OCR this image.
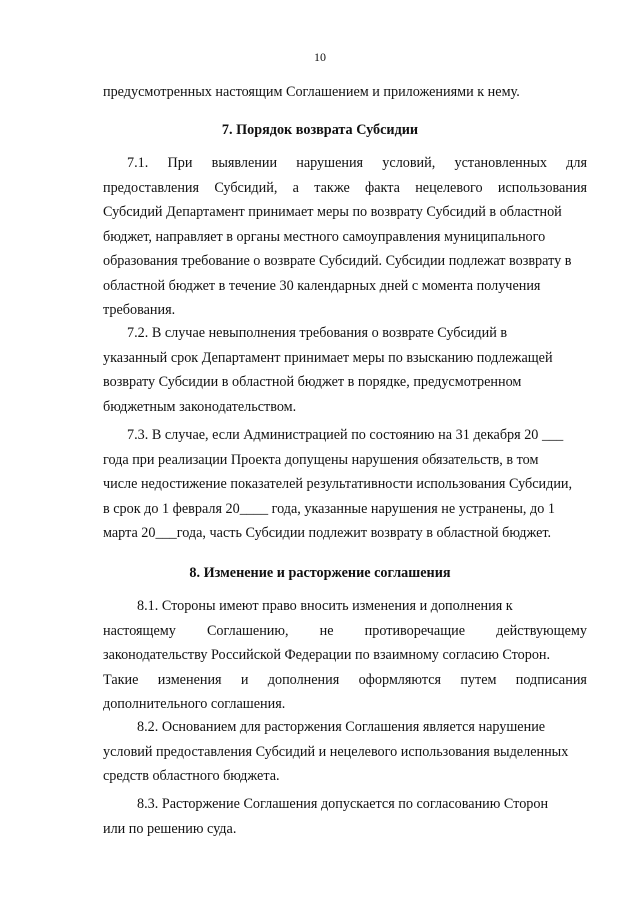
10
предусмотренных настоящим Соглашением и приложениями к нему.
7. Порядок возврата Субсидии
7.1. При выявлении нарушения условий, установленных для
предоставления Субсидий, а также факта нецелевого использования
Субсидий Департамент принимает меры по возврату Субсидий в областной
бюджет, направляет в органы местного самоуправления муниципального
образования требование о возврате Субсидий. Субсидии подлежат возврату в
областной бюджет в течение 30 календарных дней с момента получения
требования.
7.2. В случае невыполнения требования о возврате Субсидий в
указанный срок Департамент принимает меры по взысканию подлежащей
возврату Субсидии в областной бюджет в порядке, предусмотренном
бюджетным законодательством.
7.3. В случае, если Администрацией по состоянию на 31 декабря 20 ___
года при реализации Проекта допущены нарушения обязательств, в том
числе недостижение показателей результативности использования Субсидии,
в срок до 1 февраля 20____ года, указанные нарушения не устранены, до 1
марта 20___года, часть Субсидии подлежит возврату в областной бюджет.
8. Изменение и расторжение соглашения
8.1. Стороны имеют право вносить изменения и дополнения к
настоящему Соглашению, не противоречащие действующему
законодательству Российской Федерации по взаимному согласию Сторон.
Такие изменения и дополнения оформляются путем подписания
дополнительного соглашения.
8.2. Основанием для расторжения Соглашения является нарушение
условий предоставления Субсидий и нецелевого использования выделенных
средств областного бюджета.
8.3. Расторжение Соглашения допускается по согласованию Сторон
или по решению суда.
